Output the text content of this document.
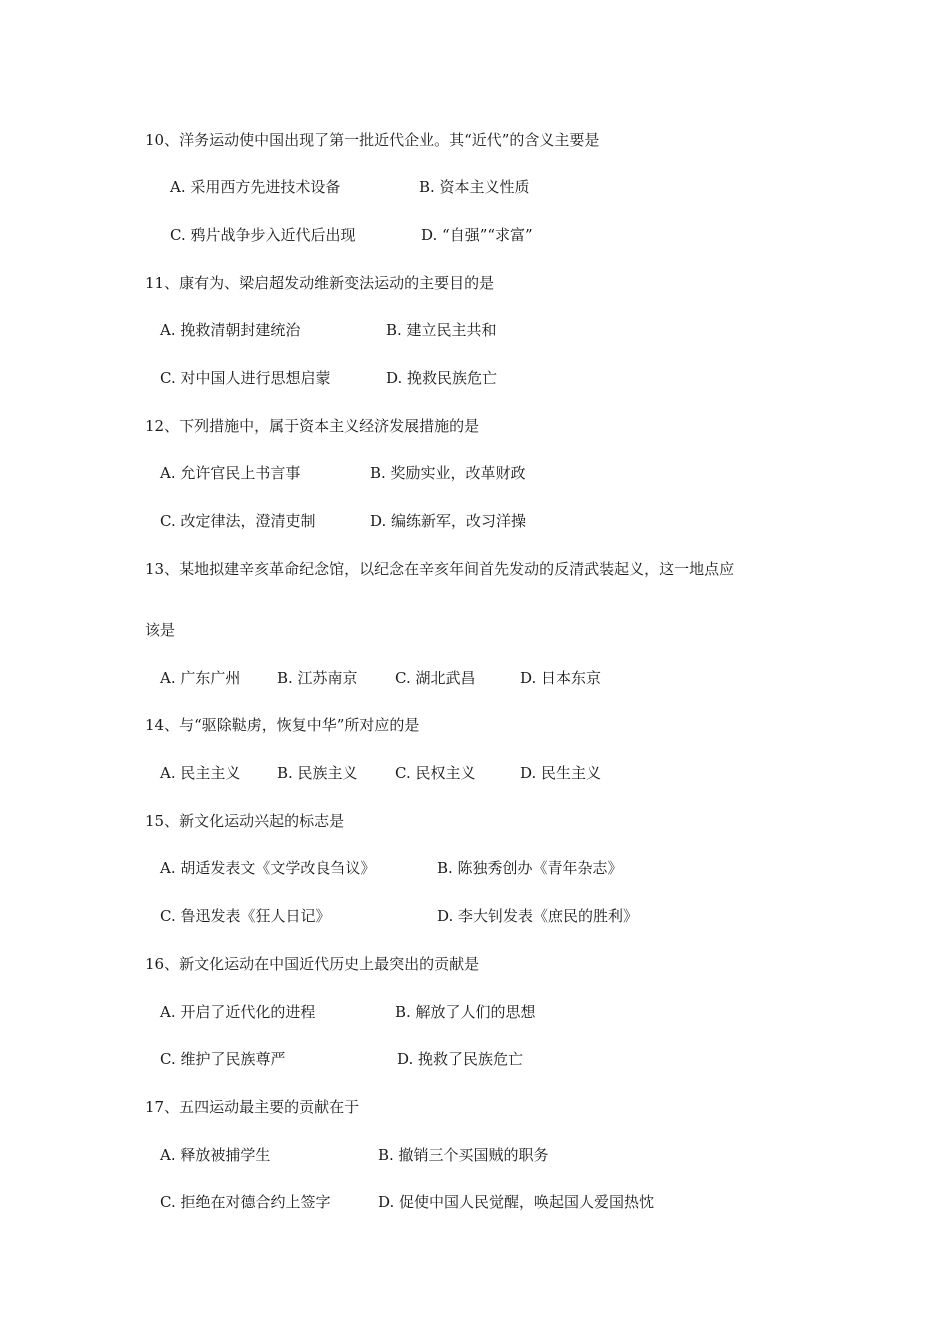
10、洋务运动使中国出现了第一批近代企业。其“近代”的含义主要是
A. 采用西方先进技术设备	B. 资本主义性质
C. 鸦片战争步入近代后出现	D. “自强”“求富”
11、康有为、梁启超发动维新变法运动的主要目的是
A. 挽救清朝封建统治	B. 建立民主共和
C. 对中国人进行思想启蒙	D. 挽救民族危亡
12、下列措施中，属于资本主义经济发展措施的是
A. 允许官民上书言事	B. 奖励实业，改革财政
C. 改定律法，澄清吏制	D. 编练新军，改习洋操
13、某地拟建辛亥革命纪念馆，以纪念在辛亥年间首先发动的反清武装起义，这一地点应
该是
A. 广东广州 B. 江苏南京 C. 湖北武昌	D. 日本东京
14、与“驱除鞑虏，恢复中华”所对应的是
A. 民主主义 B. 民族主义 C. 民权主义	D. 民生主义
15、新文化运动兴起的标志是
A. 胡适发表文《文学改良刍议》	B. 陈独秀创办《青年杂志》
C. 鲁迅发表《狂人日记》	D. 李大钊发表《庶民的胜利》
16、新文化运动在中国近代历史上最突出的贡献是
A. 开启了近代化的进程	B. 解放了人们的思想
C. 维护了民族尊严	D. 挽救了民族危亡
17、五四运动最主要的贡献在于
A. 释放被捕学生	B. 撤销三个买国贼的职务
C. 拒绝在对德合约上签字	D. 促使中国人民觉醒，唤起国人爱国热忱
